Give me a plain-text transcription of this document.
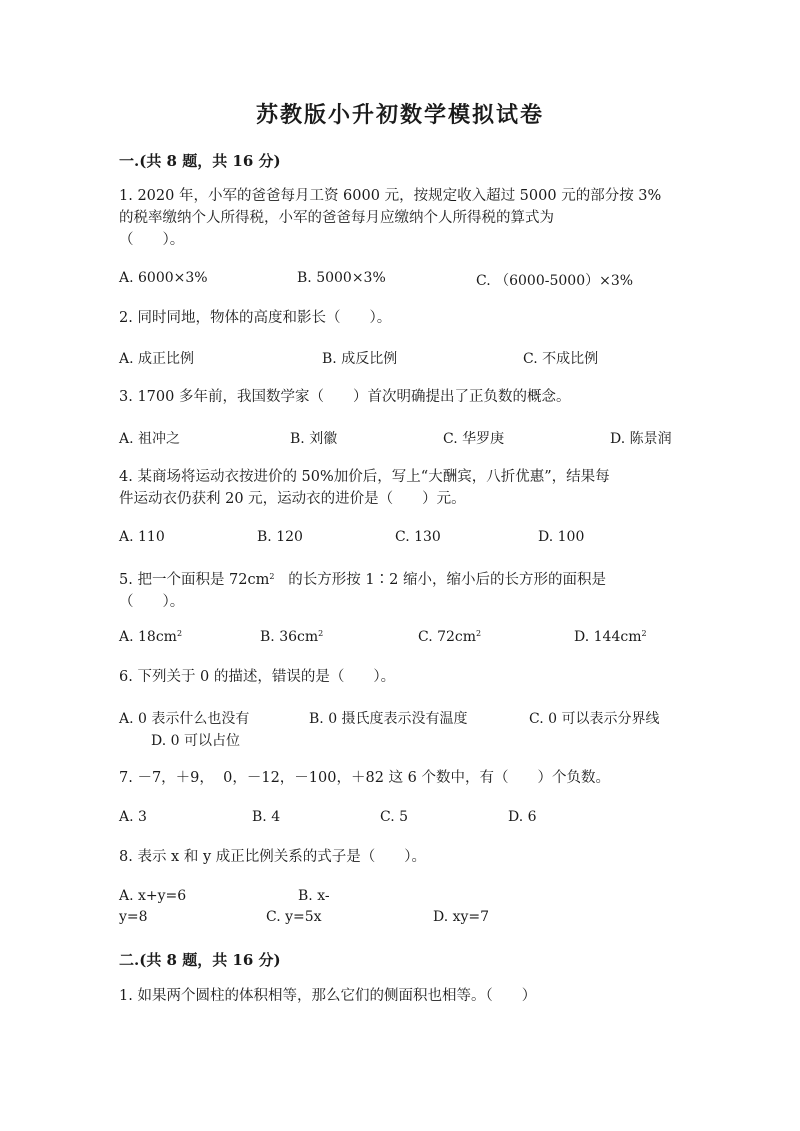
苏教版小升初数学模拟试卷
一.(共 8 题，共 16 分)
1. 2020 年，小军的爸爸每月工资 6000 元，按规定收入超过 5000 元的部分按 3%
的税率缴纳个人所得税，小军的爸爸每月应缴纳个人所得税的算式为
（　　）。
A. 6000×3%	B. 5000×3%	C. （6000-5000）×3%
2. 同时同地，物体的高度和影长（　　）。
A. 成正比例	B. 成反比例	C. 不成比例
3. 1700 多年前，我国数学家（　　）首次明确提出了正负数的概念。
A. 祖冲之	B. 刘徽	C. 华罗庚	D. 陈景润
4. 某商场将运动衣按进价的 50%加价后，写上“大酬宾，八折优惠”，结果每
件运动衣仍获利 20 元，运动衣的进价是（　　）元。
A. 110	B. 120	C. 130	D. 100
5. 把一个面积是 $72cm^2$ 的长方形按 1∶2 缩小，缩小后的长方形的面积是
（　　）。
A. $18cm^2$	B. $36cm^2$	C. $72cm^2$	D. $144cm^2$
6. 下列关于 0 的描述，错误的是（　　）。
A. 0 表示什么也没有	B. 0 摄氏度表示没有温度	C. 0 可以表示分界线
D. 0 可以占位
7. －7，＋9，  0，－12，－100，＋82 这 6 个数中，有（　　）个负数。
A. 3	B. 4	C. 5	D. 6
8. 表示 x 和 y 成正比例关系的式子是（　　）。
A. x+y=6	B. x-
y=8	C. y=5x	D. xy=7
二.(共 8 题，共 16 分)
1. 如果两个圆柱的体积相等，那么它们的侧面积也相等。（　　）
